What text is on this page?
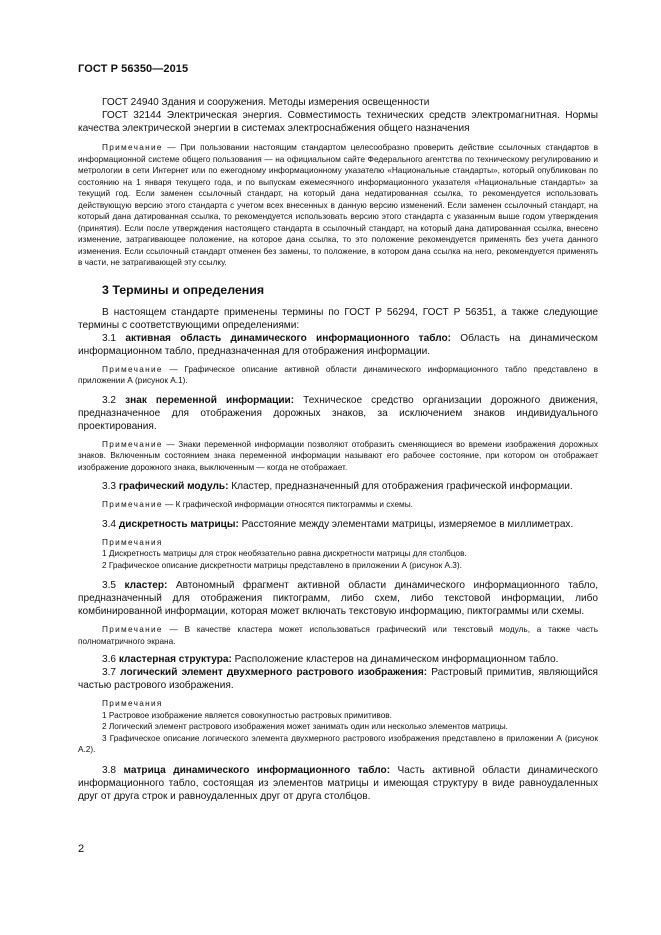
ГОСТ Р 56350—2015

ГОСТ 24940 Здания и сооружения. Методы измерения освещенности

ГОСТ 32144 Электрическая энергия. Совместимость технических средств электромагнитная. Нормы качества электрической энергии в системах электроснабжения общего назначения

Примечание — При пользовании настоящим стандартом целесообразно проверить действие ссылочных стандартов в информационной системе общего пользования — на официальном сайте Федерального агентства по техническому регулированию и метрологии в сети Интернет или по ежегодному информационному указателю «Национальные стандарты», который опубликован по состоянию на 1 января текущего года, и по выпускам ежемесячного информационного указателя «Национальные стандарты» за текущий год. Если заменен ссылочный стандарт, на который дана недатированная ссылка, то рекомендуется использовать действующую версию этого стандарта с учетом всех внесенных в данную версию изменений. Если заменен ссылочный стандарт, на который дана датированная ссылка, то рекомендуется использовать версию этого стандарта с указанным выше годом утверждения (принятия). Если после утверждения настоящего стандарта в ссылочный стандарт, на который дана датированная ссылка, внесено изменение, затрагивающее положение, на которое дана ссылка, то это положение рекомендуется применять без учета данного изменения. Если ссылочный стандарт отменен без замены, то положение, в котором дана ссылка на него, рекомендуется применять в части, не затрагивающей эту ссылку.

3 Термины и определения

В настоящем стандарте применены термины по ГОСТ Р 56294, ГОСТ Р 56351, а также следующие термины с соответствующими определениями:

3.1 активная область динамического информационного табло: Область на динамическом информационном табло, предназначенная для отображения информации.

Примечание — Графическое описание активной области динамического информационного табло представлено в приложении А (рисунок А.1).

3.2 знак переменной информации: Техническое средство организации дорожного движения, предназначенное для отображения дорожных знаков, за исключением знаков индивидуального проектирования.

Примечание — Знаки переменной информации позволяют отобразить сменяющиеся во времени изображения дорожных знаков. Включенным состоянием знака переменной информации называют его рабочее состояние, при котором он отображает изображение дорожного знака, выключенным — когда не отображает.

3.3 графический модуль: Кластер, предназначенный для отображения графической информации.

Примечание — К графической информации относятся пиктограммы и схемы.

3.4 дискретность матрицы: Расстояние между элементами матрицы, измеряемое в миллиметрах.

Примечания

1 Дискретность матрицы для строк необязательно равна дискретности матрицы для столбцов.

2 Графическое описание дискретности матрицы представлено в приложении А (рисунок А.3).

3.5 кластер: Автономный фрагмент активной области динамического информационного табло, предназначенный для отображения пиктограмм, либо схем, либо текстовой информации, либо комбинированной информации, которая может включать текстовую информацию, пиктограммы или схемы.

Примечание — В качестве кластера может использоваться графический или текстовый модуль, а также часть полноматричного экрана.

3.6 кластерная структура: Расположение кластеров на динамическом информационном табло.

3.7 логический элемент двухмерного растрового изображения: Растровый примитив, являющийся частью растрового изображения.

Примечания

1 Растровое изображение является совокупностью растровых примитивов.

2 Логический элемент растрового изображения может занимать один или несколько элементов матрицы.

3 Графическое описание логического элемента двухмерного растрового изображения представлено в приложении А (рисунок А.2).

3.8 матрица динамического информационного табло: Часть активной области динамического информационного табло, состоящая из элементов матрицы и имеющая структуру в виде равноудаленных друг от друга строк и равноудаленных друг от друга столбцов.

2
